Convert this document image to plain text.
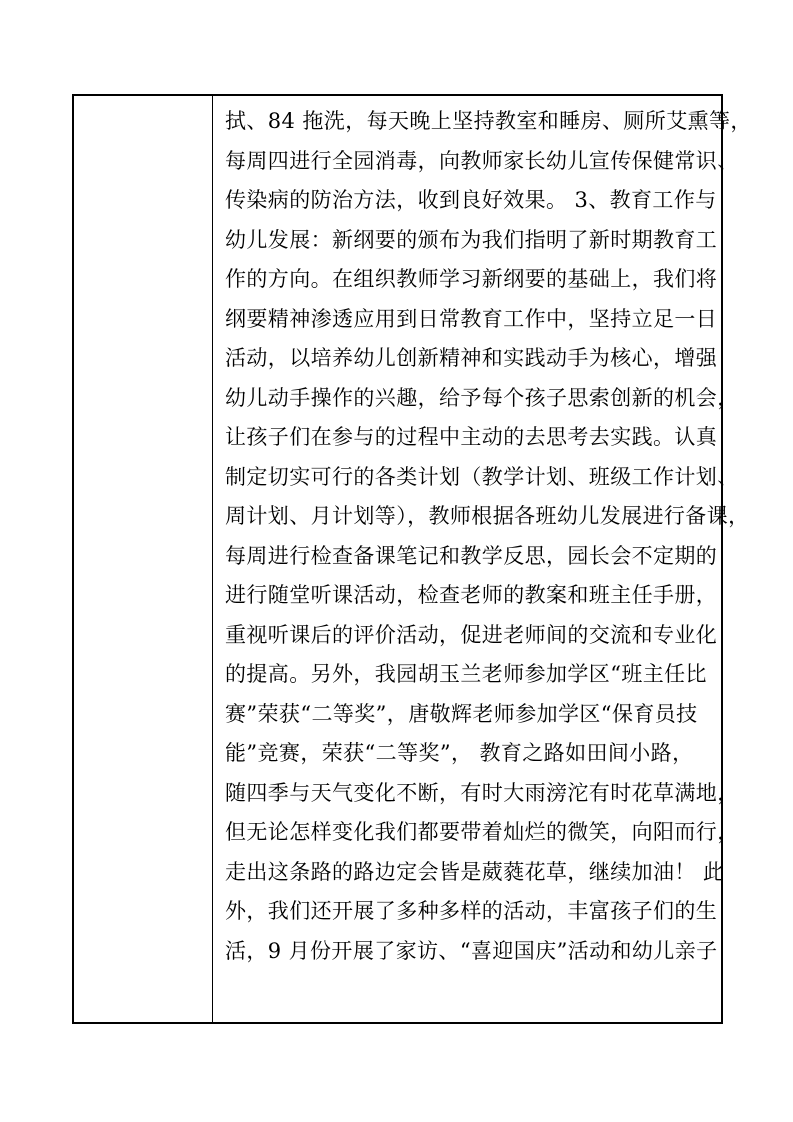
拭、84 拖洗，每天晚上坚持教室和睡房、厕所艾熏等，
每周四进行全园消毒，向教师家长幼儿宣传保健常识、
传染病的防治方法，收到良好效果。 3、教育工作与
幼儿发展：新纲要的颁布为我们指明了新时期教育工
作的方向。在组织教师学习新纲要的基础上，我们将
纲要精神渗透应用到日常教育工作中，坚持立足一日
活动，以培养幼儿创新精神和实践动手为核心，增强
幼儿动手操作的兴趣，给予每个孩子思索创新的机会，
让孩子们在参与的过程中主动的去思考去实践。认真
制定切实可行的各类计划（教学计划、班级工作计划、
周计划、月计划等），教师根据各班幼儿发展进行备课，
每周进行检查备课笔记和教学反思，园长会不定期的
进行随堂听课活动，检查老师的教案和班主任手册，
重视听课后的评价活动，促进老师间的交流和专业化
的提高。另外，我园胡玉兰老师参加学区“班主任比
赛”荣获“二等奖”，唐敬辉老师参加学区“保育员技
能”竞赛，荣获“二等奖”， 教育之路如田间小路，
随四季与天气变化不断，有时大雨滂沱有时花草满地，
但无论怎样变化我们都要带着灿烂的微笑，向阳而行，
走出这条路的路边定会皆是葳蕤花草，继续加油！ 此
外，我们还开展了多种多样的活动，丰富孩子们的生
活，9 月份开展了家访、“喜迎国庆”活动和幼儿亲子
